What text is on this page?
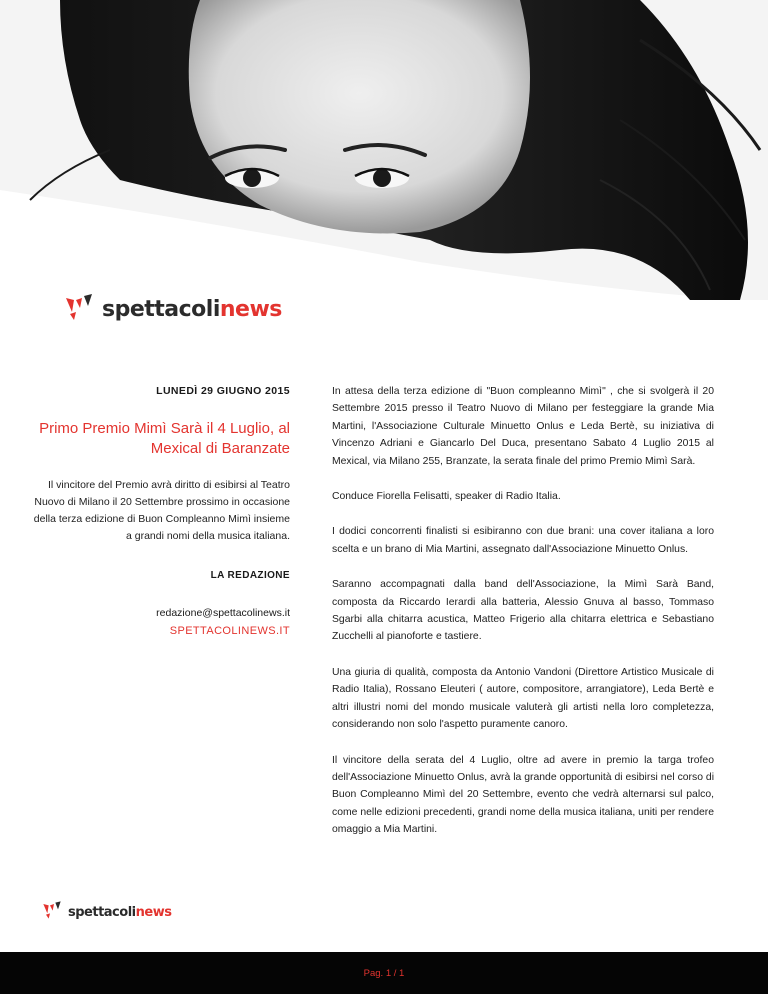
spettacolinews
LUNEDÌ 29 GIUGNO 2015
Primo Premio Mimì Sarà il 4 Luglio, al Mexical di Baranzate
Il vincitore del Premio avrà diritto di esibirsi al Teatro Nuovo di Milano il 20 Settembre prossimo in occasione della terza edizione di Buon Compleanno Mimì insieme a grandi nomi della musica italiana.
LA REDAZIONE
redazione@spettacolinews.it
SPETTACOLINEWS.IT

In attesa della terza edizione di "Buon compleanno Mimì" , che si svolgerà il 20 Settembre 2015 presso il Teatro Nuovo di Milano per festeggiare la grande Mia Martini, l'Associazione Culturale Minuetto Onlus e Leda Bertè, su iniziativa di Vincenzo Adriani e Giancarlo Del Duca, presentano Sabato 4 Luglio 2015 al Mexical, via Milano 255, Branzate, la serata finale del primo Premio Mimì Sarà.

Conduce Fiorella Felisatti, speaker di Radio Italia.

I dodici concorrenti finalisti si esibiranno con due brani: una cover italiana a loro scelta e un brano di Mia Martini, assegnato dall'Associazione Minuetto Onlus.

Saranno accompagnati dalla band dell'Associazione, la Mimì Sarà Band, composta da Riccardo Ierardi alla batteria, Alessio Gnuva al basso, Tommaso Sgarbi alla chitarra acustica, Matteo Frigerio alla chitarra elettrica e Sebastiano Zucchelli al pianoforte e tastiere.

Una giuria di qualità, composta da Antonio Vandoni (Direttore Artistico Musicale di Radio Italia), Rossano Eleuteri ( autore, compositore, arrangiatore), Leda Bertè e altri illustri nomi del mondo musicale valuterà gli artisti nella loro completezza, considerando non solo l'aspetto puramente canoro.

Il vincitore della serata del 4 Luglio, oltre ad avere in premio la targa trofeo dell'Associazione Minuetto Onlus, avrà la grande opportunità di esibirsi nel corso di Buon Compleanno Mimì del 20 Settembre, evento che vedrà alternarsi sul palco, come nelle edizioni precedenti, grandi nome della musica italiana, uniti per rendere omaggio a Mia Martini.

spettacolinews
Pag. 1 / 1
